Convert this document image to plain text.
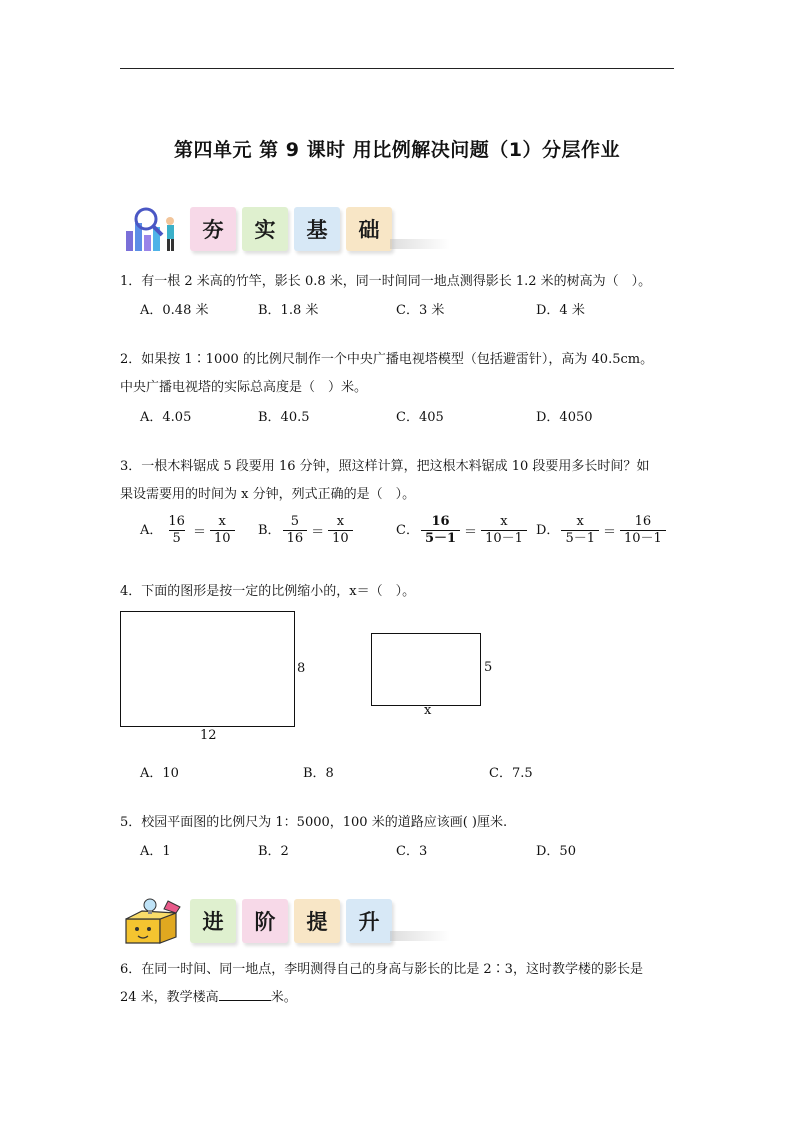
第四单元 第 9 课时 用比例解决问题（1）分层作业
夯 实 基 础
1．有一根 2 米高的竹竿，影长 0.8 米，同一时间同一地点测得影长 1.2 米的树高为（　）。
A．0.48 米	B．1.8 米	C．3 米	D．4 米
2．如果按 1∶1000 的比例尺制作一个中央广播电视塔模型（包括避雷针），高为 40.5cm。
中央广播电视塔的实际总高度是（　）米。
A．4.05	B．40.5	C．405	D．4050
3．一根木料锯成 5 段要用 16 分钟，照这样计算，把这根木料锯成 10 段要用多长时间？如
果设需要用的时间为 x 分钟，列式正确的是（　）。
A． $\frac{16}{5} = \frac{x}{10}$ B． $\frac{5}{16} = \frac{x}{10}$	C． $\frac{16}{5-1} = \frac{x}{10-1}$ D． $\frac{x}{5-1} = \frac{16}{10-1}$
4．下面的图形是按一定的比例缩小的，x＝（　）。
8
12
5
x
A．10	B．8	C．7.5
5．校园平面图的比例尺为 1：5000，100 米的道路应该画( )厘米.
A．1	B．2	C．3	D．50
进 阶 提 升
6．在同一时间、同一地点，李明测得自己的身高与影长的比是 2∶3，这时教学楼的影长是
24 米，教学楼高	米。
